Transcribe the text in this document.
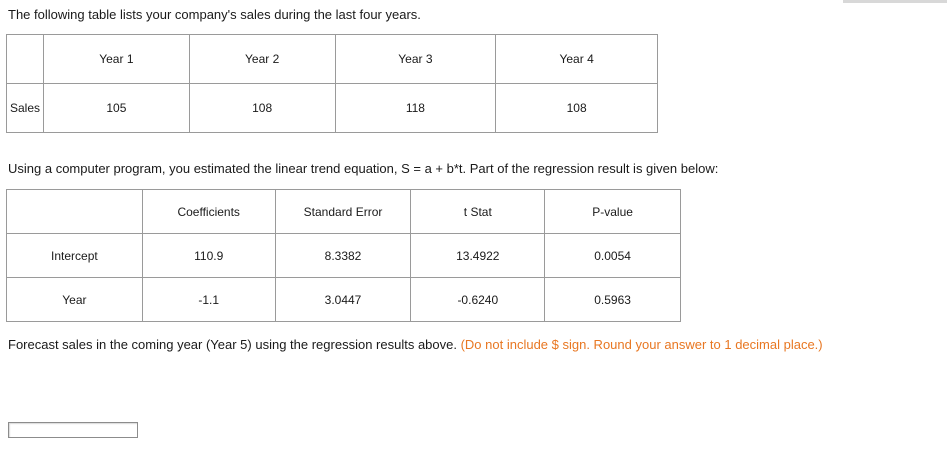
The following table lists your company's sales during the last four years.
	Year 1	Year 2	Year 3	Year 4
Sales	105	108	118	108
Using a computer program, you estimated the linear trend equation, S = a + b*t. Part of the regression result is given below:
	Coefficients	Standard Error	t Stat	P-value
Intercept	110.9	8.3382	13.4922	0.0054
Year	-1.1	3.0447	-0.6240	0.5963
Forecast sales in the coming year (Year 5) using the regression results above. (Do not include $ sign. Round your answer to 1 decimal place.)
